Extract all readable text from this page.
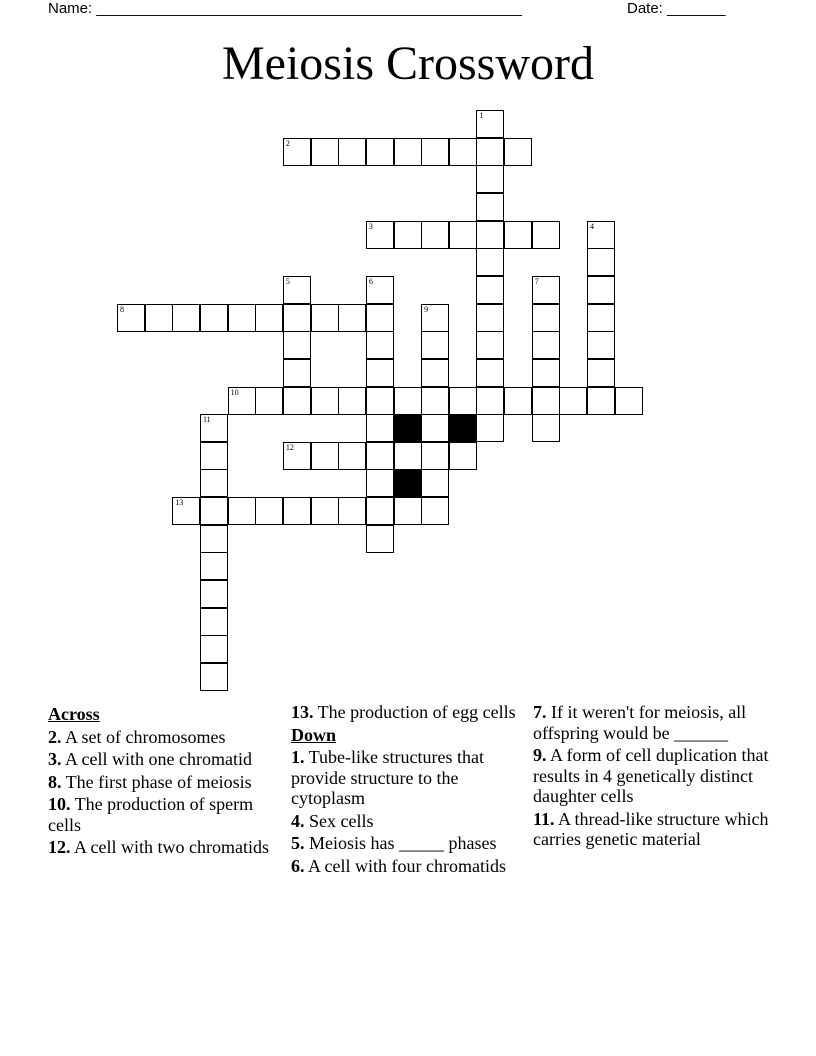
Name: ___________________________________________________	Date: _______
Meiosis Crossword
1
2
3	4
5	6	7
8	9
10
11
12
13
Across
2. A set of chromosomes
3. A cell with one chromatid
8. The first phase of meiosis
10. The production of sperm cells
12. A cell with two chromatids
13. The production of egg cells
Down
1. Tube-like structures that provide structure to the cytoplasm
4. Sex cells
5. Meiosis has _____ phases
6. A cell with four chromatids
7. If it weren't for meiosis, all offspring would be ______
9. A form of cell duplication that results in 4 genetically distinct daughter cells
11. A thread-like structure which carries genetic material
